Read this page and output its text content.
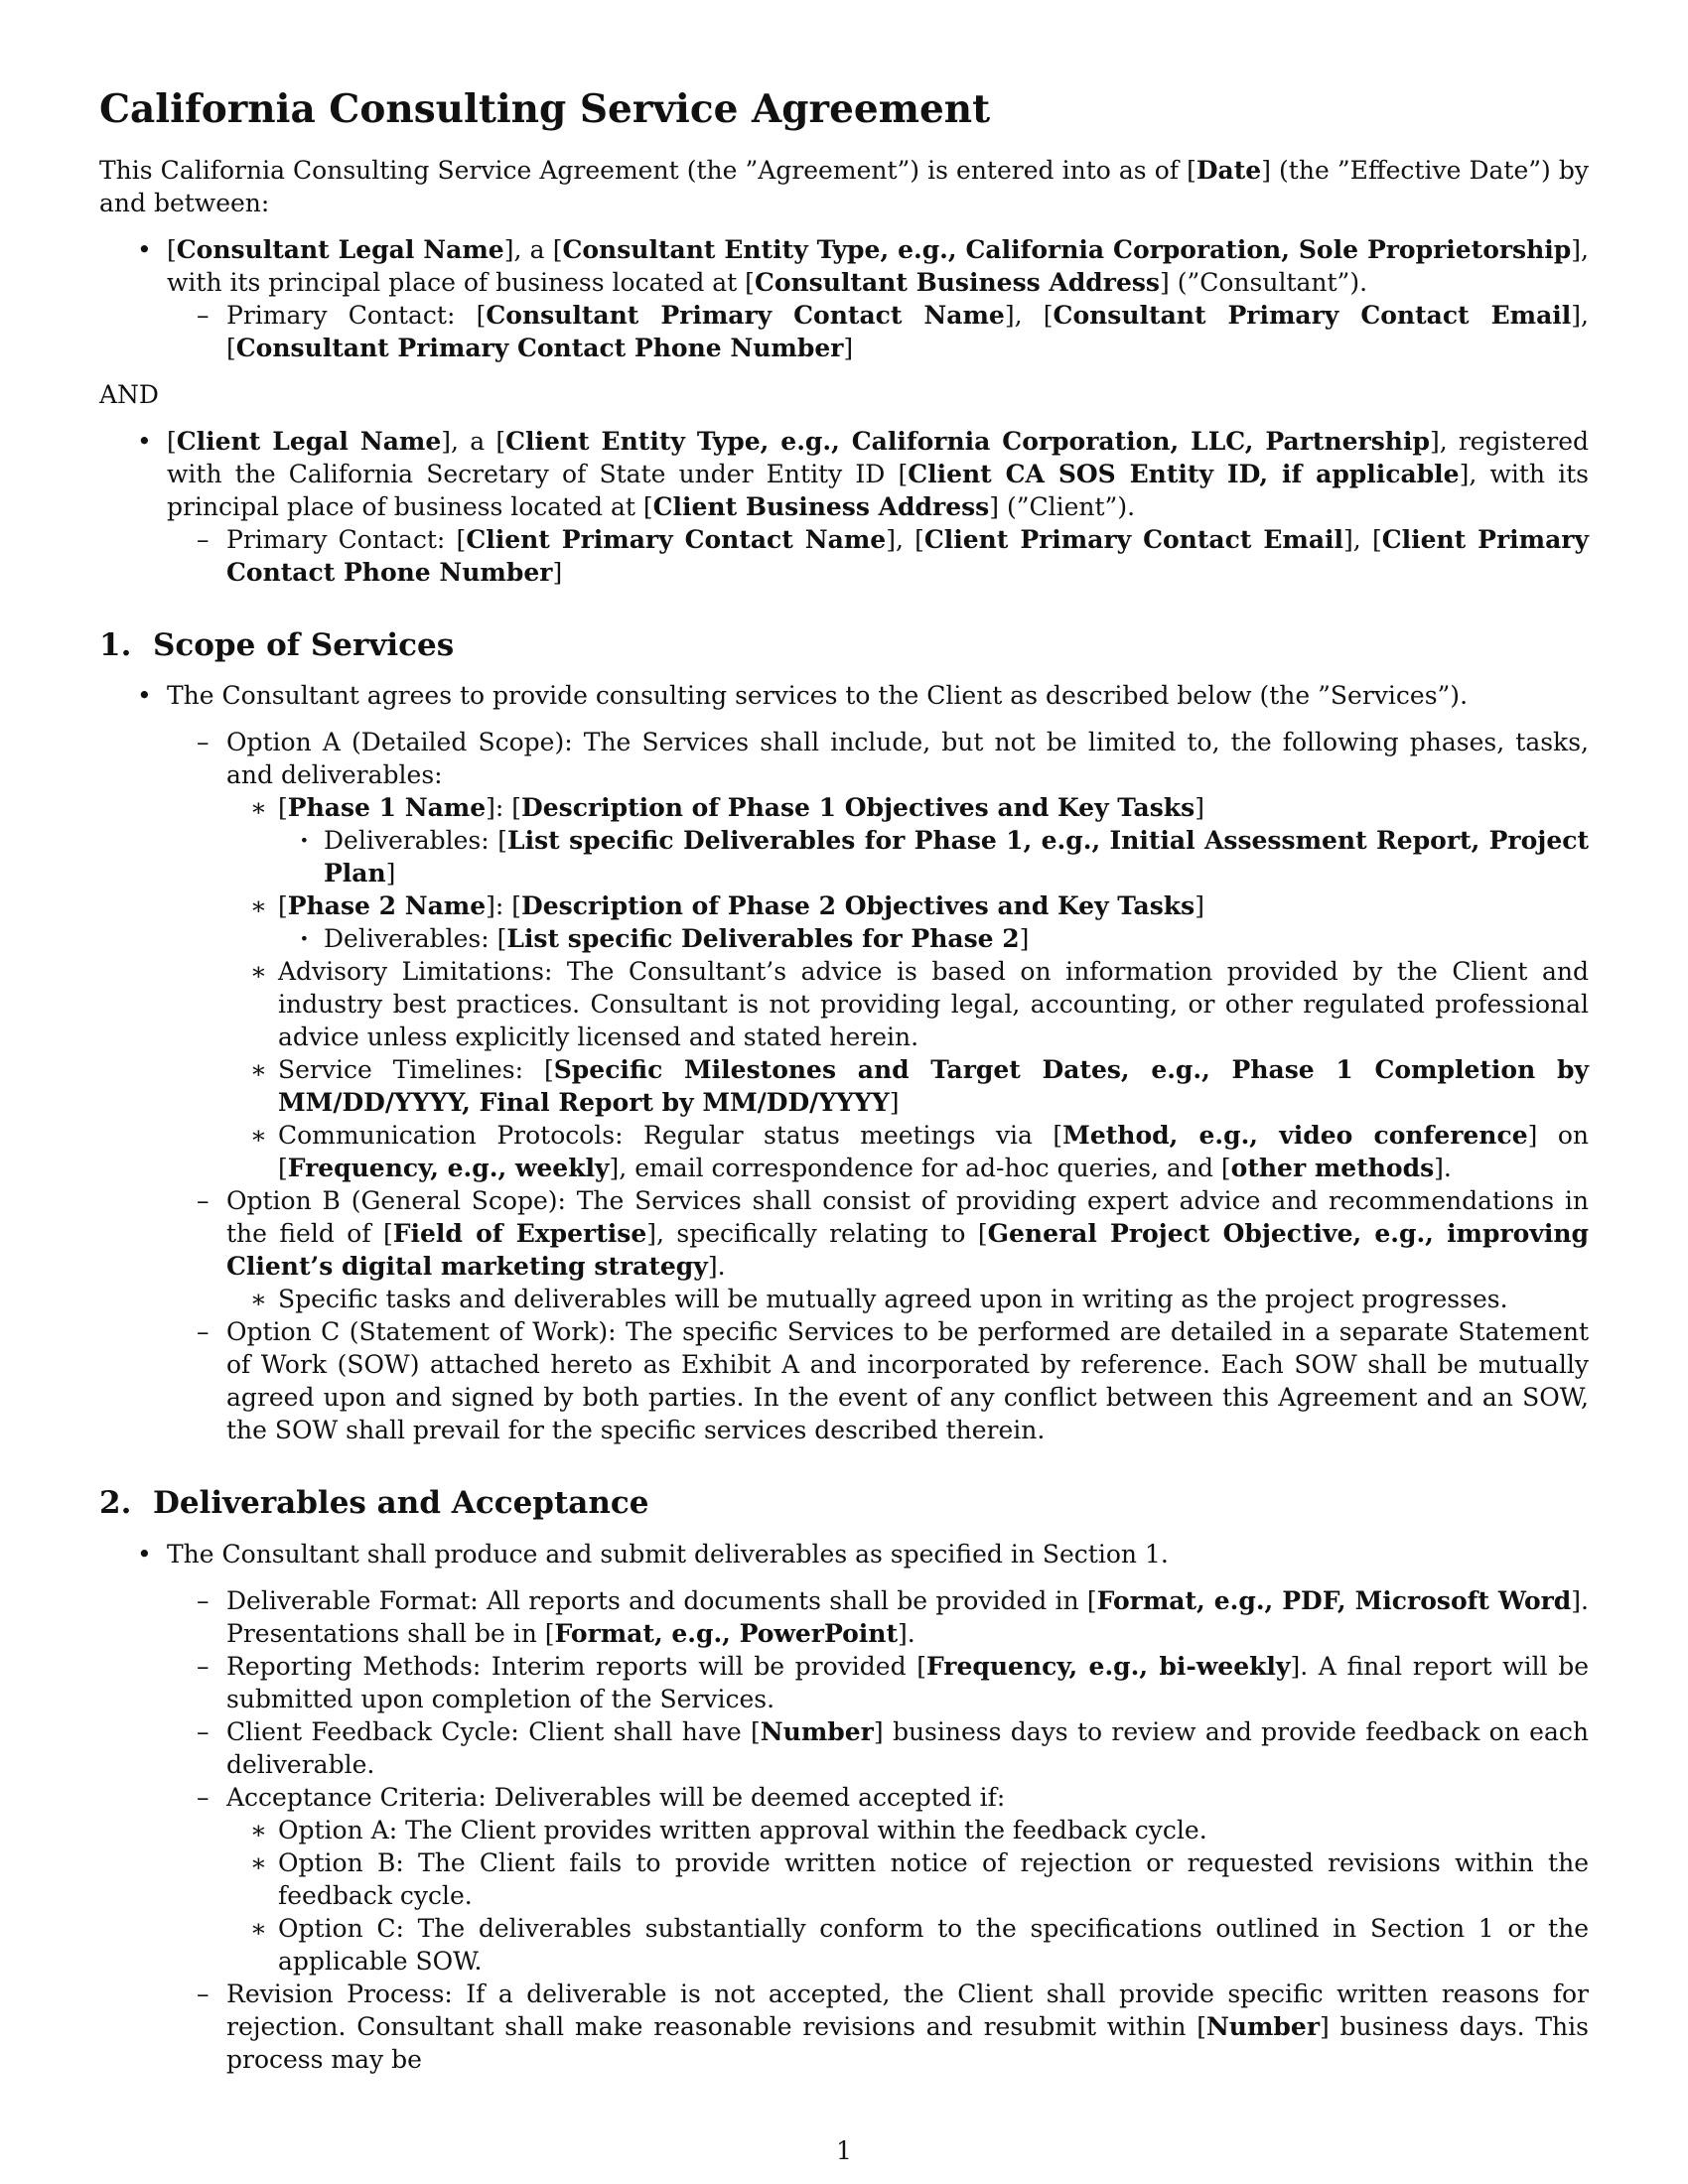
California Consulting Service Agreement

This California Consulting Service Agreement (the ”Agreement”) is entered into as of [Date] (the ”Effective Date”) by and between:

• [Consultant Legal Name], a [Consultant Entity Type, e.g., California Corporation, Sole Proprietorship], with its principal place of business located at [Consultant Business Address] (”Consultant”).
– Primary Contact: [Consultant Primary Contact Name], [Consultant Primary Contact Email], [Consultant Primary Contact Phone Number]

AND

• [Client Legal Name], a [Client Entity Type, e.g., California Corporation, LLC, Partnership], registered with the California Secretary of State under Entity ID [Client CA SOS Entity ID, if applicable], with its principal place of business located at [Client Business Address] (”Client”).
– Primary Contact: [Client Primary Contact Name], [Client Primary Contact Email], [Client Primary Contact Phone Number]
1.  Scope of Services
• The Consultant agrees to provide consulting services to the Client as described below (the ”Services”).
– Option A (Detailed Scope): The Services shall include, but not be limited to, the following phases, tasks, and deliverables:
∗ [Phase 1 Name]: [Description of Phase 1 Objectives and Key Tasks]
· Deliverables: [List specific Deliverables for Phase 1, e.g., Initial Assessment Report, Project Plan]
∗ [Phase 2 Name]: [Description of Phase 2 Objectives and Key Tasks]
· Deliverables: [List specific Deliverables for Phase 2]
∗ Advisory Limitations: The Consultant’s advice is based on information provided by the Client and industry best practices. Consultant is not providing legal, accounting, or other regulated professional advice unless explicitly licensed and stated herein.
∗ Service Timelines: [Specific Milestones and Target Dates, e.g., Phase 1 Completion by MM/DD/YYYY, Final Report by MM/DD/YYYY]
∗ Communication Protocols: Regular status meetings via [Method, e.g., video conference] on [Frequency, e.g., weekly], email correspondence for ad-hoc queries, and [other methods].
– Option B (General Scope): The Services shall consist of providing expert advice and recommendations in the field of [Field of Expertise], specifically relating to [General Project Objective, e.g., improving Client’s digital marketing strategy].
∗ Specific tasks and deliverables will be mutually agreed upon in writing as the project progresses.
– Option C (Statement of Work): The specific Services to be performed are detailed in a separate Statement of Work (SOW) attached hereto as Exhibit A and incorporated by reference. Each SOW shall be mutually agreed upon and signed by both parties. In the event of any conflict between this Agreement and an SOW, the SOW shall prevail for the specific services described therein.
2.  Deliverables and Acceptance
• The Consultant shall produce and submit deliverables as specified in Section 1.
– Deliverable Format: All reports and documents shall be provided in [Format, e.g., PDF, Microsoft Word]. Presentations shall be in [Format, e.g., PowerPoint].
– Reporting Methods: Interim reports will be provided [Frequency, e.g., bi-weekly]. A final report will be submitted upon completion of the Services.
– Client Feedback Cycle: Client shall have [Number] business days to review and provide feedback on each deliverable.
– Acceptance Criteria: Deliverables will be deemed accepted if:
∗ Option A: The Client provides written approval within the feedback cycle.
∗ Option B: The Client fails to provide written notice of rejection or requested revisions within the feedback cycle.
∗ Option C: The deliverables substantially conform to the specifications outlined in Section 1 or the applicable SOW.
– Revision Process: If a deliverable is not accepted, the Client shall provide specific written reasons for rejection. Consultant shall make reasonable revisions and resubmit within [Number] business days. This process may be
1
